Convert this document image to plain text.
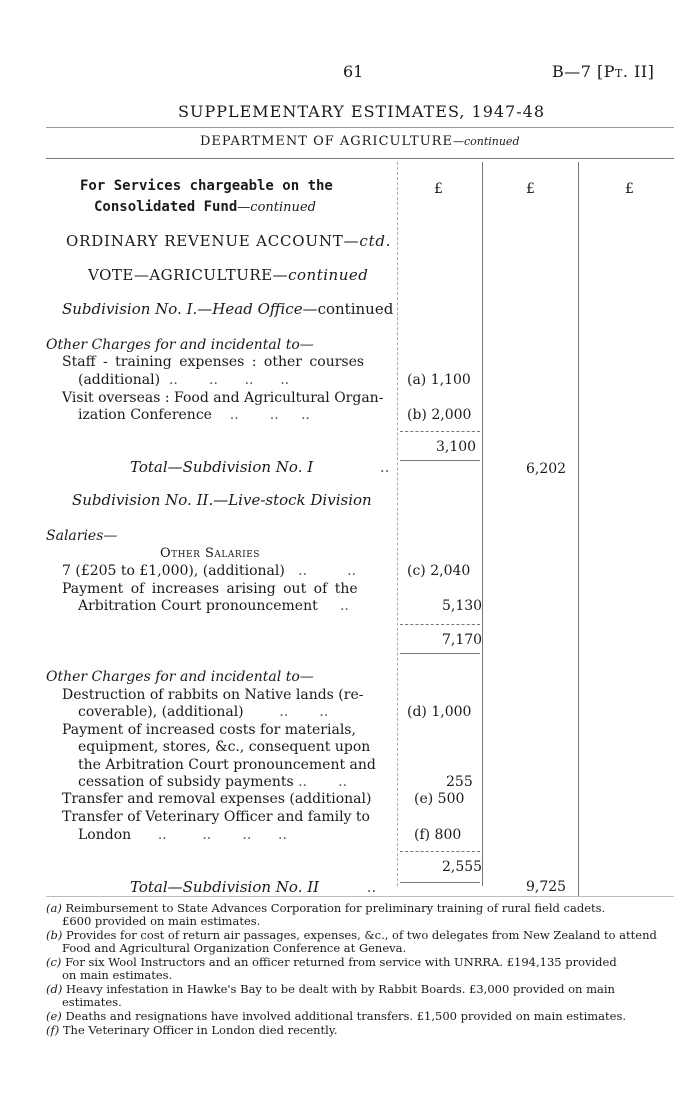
61	B—7 [Pt. II]
SUPPLEMENTARY ESTIMATES, 1947-48
DEPARTMENT OF AGRICULTURE—continued
£	£	£
For Services chargeable on the
Consolidated Fund—continued
ORDINARY REVENUE ACCOUNT—ctd.
VOTE—AGRICULTURE—continued
Subdivision No. I.—Head Office—continued
Other Charges for and incidental to—
Staff - training expenses : other courses
(additional)  ..       ..      ..      ..	(a) 1,100
Visit overseas : Food and Agricultural Organ-
ization Conference    ..       ..     ..	(b) 2,000
3,100
Total—Subdivision No. I              ..	6,202
Subdivision No. II.—Live-stock Division
Salaries—
Other Salaries
7 (£205 to £1,000), (additional)   ..         ..	(c) 2,040
Payment of increases arising out of the
Arbitration Court pronouncement     ..	5,130
7,170
Other Charges for and incidental to—
Destruction of rabbits on Native lands (re-
coverable), (additional)        ..       ..	(d) 1,000
Payment of increased costs for materials,
equipment, stores, &c., consequent upon
the Arbitration Court pronouncement and
cessation of subsidy payments ..       ..	255
Transfer and removal expenses (additional)	(e) 500
Transfer of Veterinary Officer and family to
London      ..        ..       ..      ..	(f) 800
2,555
Total—Subdivision No. II          ..	9,725
(a) Reimbursement to State Advances Corporation for preliminary training of rural field cadets.
£600 provided on main estimates.
(b) Provides for cost of return air passages, expenses, &c., of two delegates from New Zealand to attend
Food and Agricultural Organization Conference at Geneva.
(c) For six Wool Instructors and an officer returned from service with UNRRA. £194,135 provided
on main estimates.
(d) Heavy infestation in Hawke's Bay to be dealt with by Rabbit Boards. £3,000 provided on main
estimates.
(e) Deaths and resignations have involved additional transfers. £1,500 provided on main estimates.
(f) The Veterinary Officer in London died recently.
